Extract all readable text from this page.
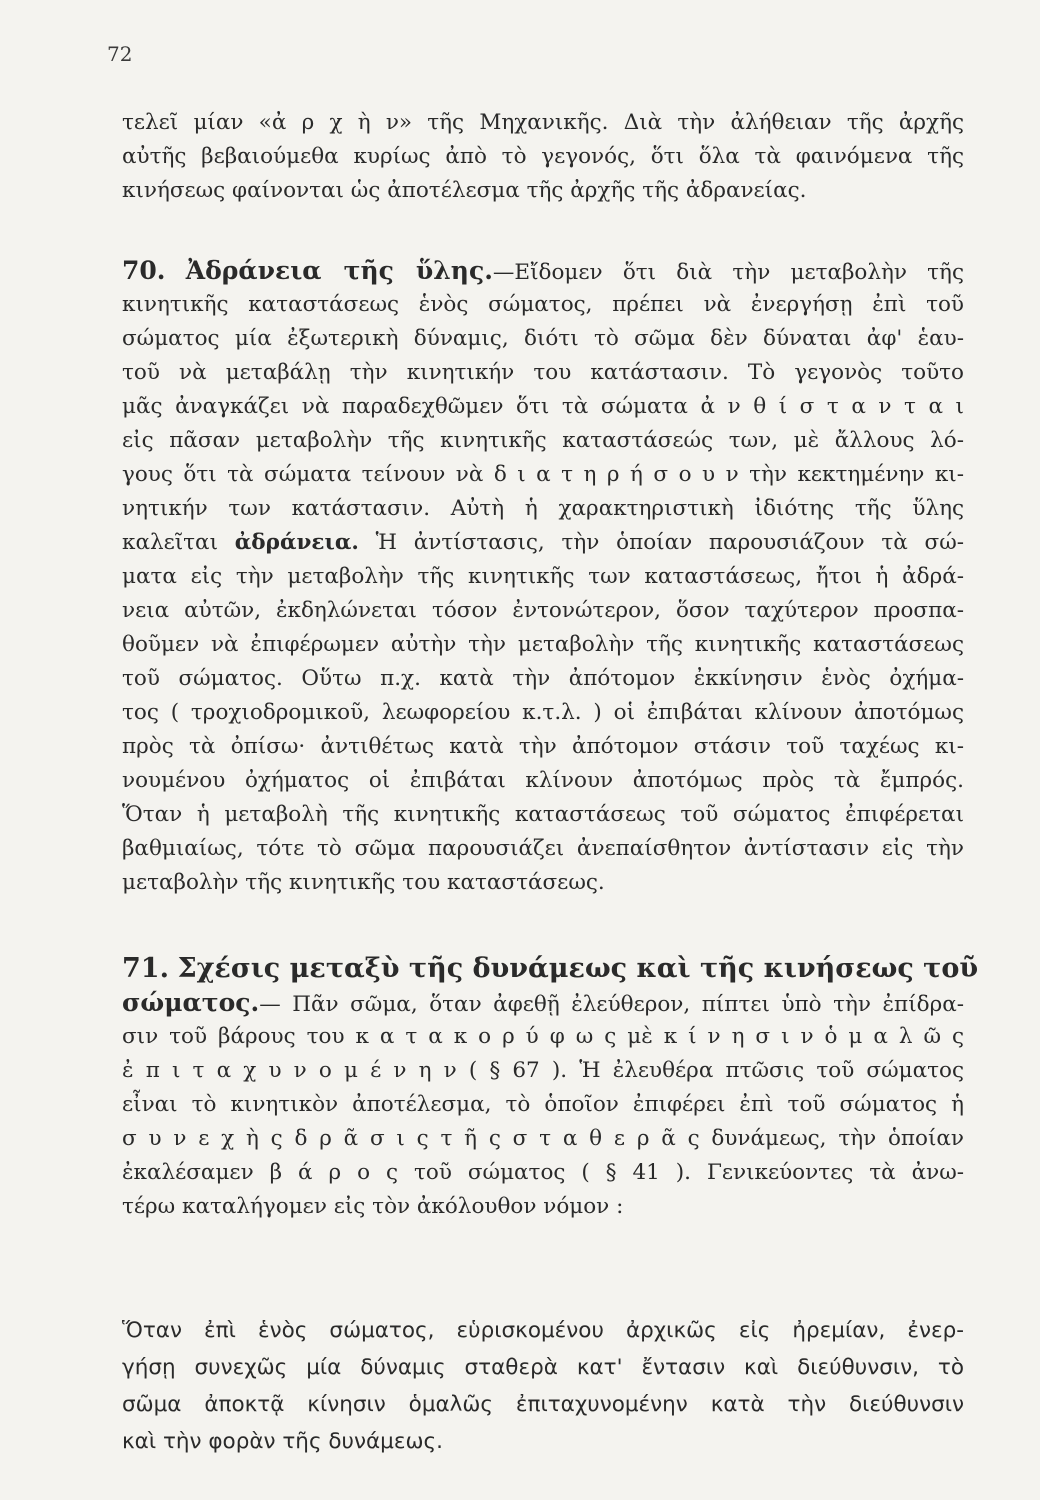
72
τελεῖ μίαν «ἀ ρ χ ὴ ν» τῆς Μηχανικῆς. Διὰ τὴν ἀλήθειαν τῆς ἀρχῆς
αὐτῆς βεβαιούμεθα κυρίως ἀπὸ τὸ γεγονός, ὅτι ὅλα τὰ φαινόμενα τῆς
κινήσεως φαίνονται ὡς ἀποτέλεσμα τῆς ἀρχῆς τῆς ἀδρανείας.
70. Ἀδράνεια τῆς ὕλης.—Εἴδομεν ὅτι διὰ τὴν μεταβολὴν τῆς
κινητικῆς καταστάσεως ἑνὸς σώματος, πρέπει νὰ ἐνεργήσῃ ἐπὶ τοῦ
σώματος μία ἐξωτερικὴ δύναμις, διότι τὸ σῶμα δὲν δύναται ἀφ' ἑαυ-
τοῦ νὰ μεταβάλῃ τὴν κινητικήν του κατάστασιν. Τὸ γεγονὸς τοῦτο
μᾶς ἀναγκάζει νὰ παραδεχθῶμεν ὅτι τὰ σώματα ἀ ν θ ί σ τ α ν τ α ι
εἰς πᾶσαν μεταβολὴν τῆς κινητικῆς καταστάσεώς των, μὲ ἄλλους λό-
γους ὅτι τὰ σώματα τείνουν νὰ δ ι α τ η ρ ή σ ο υ ν τὴν κεκτημένην κι-
νητικήν των κατάστασιν. Αὐτὴ ἡ χαρακτηριστικὴ ἰδιότης τῆς ὕλης
καλεῖται ἀδράνεια. Ἡ ἀντίστασις, τὴν ὁποίαν παρουσιάζουν τὰ σώ-
ματα εἰς τὴν μεταβολὴν τῆς κινητικῆς των καταστάσεως, ἤτοι ἡ ἀδρά-
νεια αὐτῶν, ἐκδηλώνεται τόσον ἐντονώτερον, ὅσον ταχύτερον προσπα-
θοῦμεν νὰ ἐπιφέρωμεν αὐτὴν τὴν μεταβολὴν τῆς κινητικῆς καταστάσεως
τοῦ σώματος. Οὕτω π.χ. κατὰ τὴν ἀπότομον ἐκκίνησιν ἑνὸς ὀχήμα-
τος ( τροχιοδρομικοῦ, λεωφορείου κ.τ.λ. ) οἱ ἐπιβάται κλίνουν ἀποτόμως
πρὸς τὰ ὀπίσω· ἀντιθέτως κατὰ τὴν ἀπότομον στάσιν τοῦ ταχέως κι-
νουμένου ὀχήματος οἱ ἐπιβάται κλίνουν ἀποτόμως πρὸς τὰ ἔμπρός.
Ὅταν ἡ μεταβολὴ τῆς κινητικῆς καταστάσεως τοῦ σώματος ἐπιφέρεται
βαθμιαίως, τότε τὸ σῶμα παρουσιάζει ἀνεπαίσθητον ἀντίστασιν εἰς τὴν
μεταβολὴν τῆς κινητικῆς του καταστάσεως.
71. Σχέσις μεταξὺ τῆς δυνάμεως καὶ τῆς κινήσεως τοῦ
σώματος.— Πᾶν σῶμα, ὅταν ἀφεθῇ ἐλεύθερον, πίπτει ὑπὸ τὴν ἐπίδρα-
σιν τοῦ βάρους του κ α τ α κ ο ρ ύ φ ω ς μὲ κ ί ν η σ ι ν ὁ μ α λ ῶ ς
ἐ π ι τ α χ υ ν ο μ έ ν η ν ( § 67 ). Ἡ ἐλευθέρα πτῶσις τοῦ σώματος
εἶναι τὸ κινητικὸν ἀποτέλεσμα, τὸ ὁποῖον ἐπιφέρει ἐπὶ τοῦ σώματος ἡ
σ υ ν ε χ ὴ ς δ ρ ᾶ σ ι ς τ ῆ ς σ τ α θ ε ρ ᾶ ς δυνάμεως, τὴν ὁποίαν
ἐκαλέσαμεν β ά ρ ο ς τοῦ σώματος ( § 41 ). Γενικεύοντες τὰ ἀνω-
τέρω καταλήγομεν εἰς τὸν ἀκόλουθον νόμον :
Ὅταν ἐπὶ ἑνὸς σώματος, εὑρισκομένου ἀρχικῶς εἰς ἠρεμίαν, ἐνερ-
γήσῃ συνεχῶς μία δύναμις σταθερὰ κατ' ἔντασιν καὶ διεύθυνσιν, τὸ
σῶμα ἀποκτᾷ κίνησιν ὁμαλῶς ἐπιταχυνομένην κατὰ τὴν διεύθυνσιν
καὶ τὴν φορὰν τῆς δυνάμεως.
